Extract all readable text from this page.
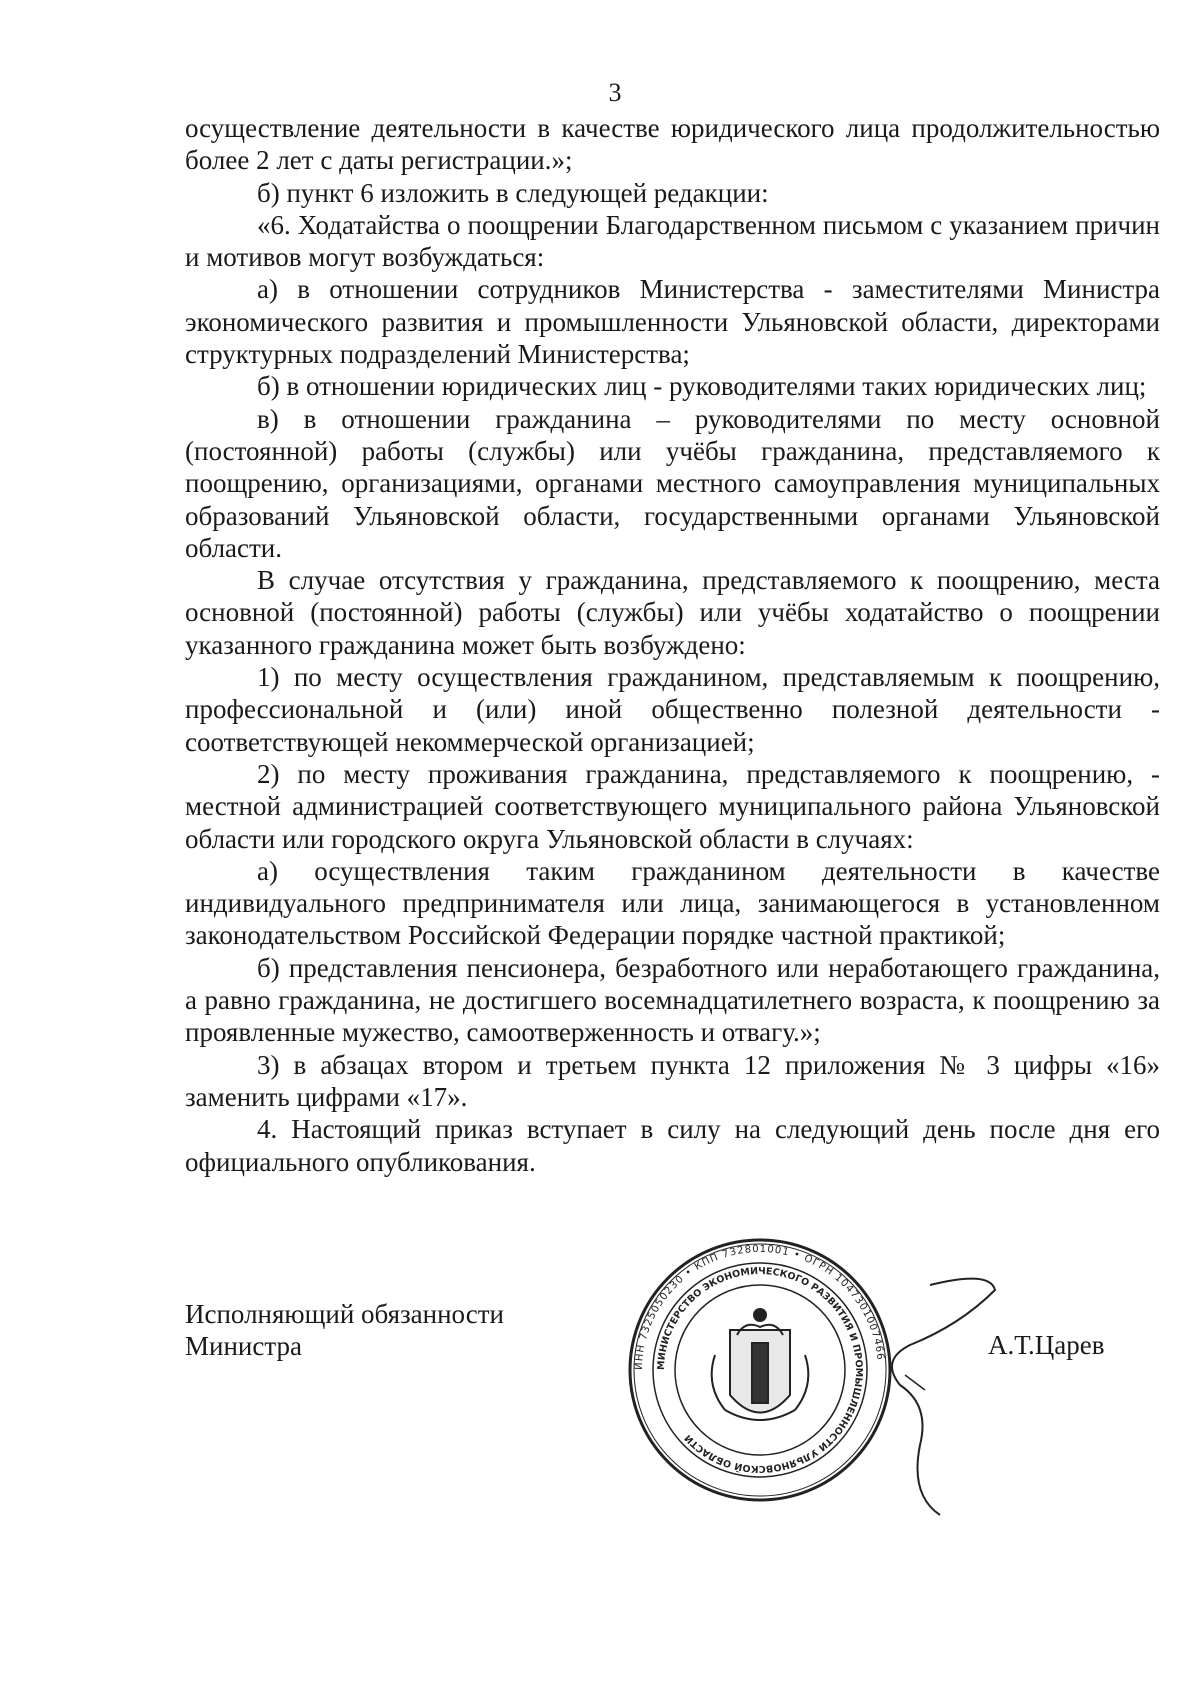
3

осуществление деятельности в качестве юридического лица продолжительностью более 2 лет с даты регистрации.»;

б) пункт 6 изложить в следующей редакции:

«6. Ходатайства о поощрении Благодарственном письмом с указанием причин и мотивов могут возбуждаться:

а) в отношении сотрудников Министерства - заместителями Министра экономического развития и промышленности Ульяновской области, директорами структурных подразделений Министерства;

б) в отношении юридических лиц - руководителями таких юридических лиц;

в) в отношении гражданина – руководителями по месту основной (постоянной) работы (службы) или учёбы гражданина, представляемого к поощрению, организациями, органами местного самоуправления муниципальных образований Ульяновской области, государственными органами Ульяновской области.

В случае отсутствия у гражданина, представляемого к поощрению, места основной (постоянной) работы (службы) или учёбы ходатайство о поощрении указанного гражданина может быть возбуждено:

1) по месту осуществления гражданином, представляемым к поощрению, профессиональной и (или) иной общественно полезной деятельности - соответствующей некоммерческой организацией;

2) по месту проживания гражданина, представляемого к поощрению, - местной администрацией соответствующего муниципального района Ульяновской области или городского округа Ульяновской области в случаях:

а) осуществления таким гражданином деятельности в качестве индивидуального предпринимателя или лица, занимающегося в установленном законодательством Российской Федерации порядке частной практикой;

б) представления пенсионера, безработного или неработающего гражданина, а равно гражданина, не достигшего восемнадцатилетнего возраста, к поощрению за проявленные мужество, самоотверженность и отвагу.»;

3) в абзацах втором и третьем пункта 12 приложения № 3 цифры «16» заменить цифрами «17».

4. Настоящий приказ вступает в силу на следующий день после дня его официального опубликования.

Исполняющий обязанности
Министра
ИНН 7325050230 • КПП 732801001 • ОГРН 1047301007466
МИНИСТЕРСТВО ЭКОНОМИЧЕСКОГО РАЗВИТИЯ И ПРОМЫШЛЕННОСТИ УЛЬЯНОВСКОЙ ОБЛАСТИ
А.Т.Царев
